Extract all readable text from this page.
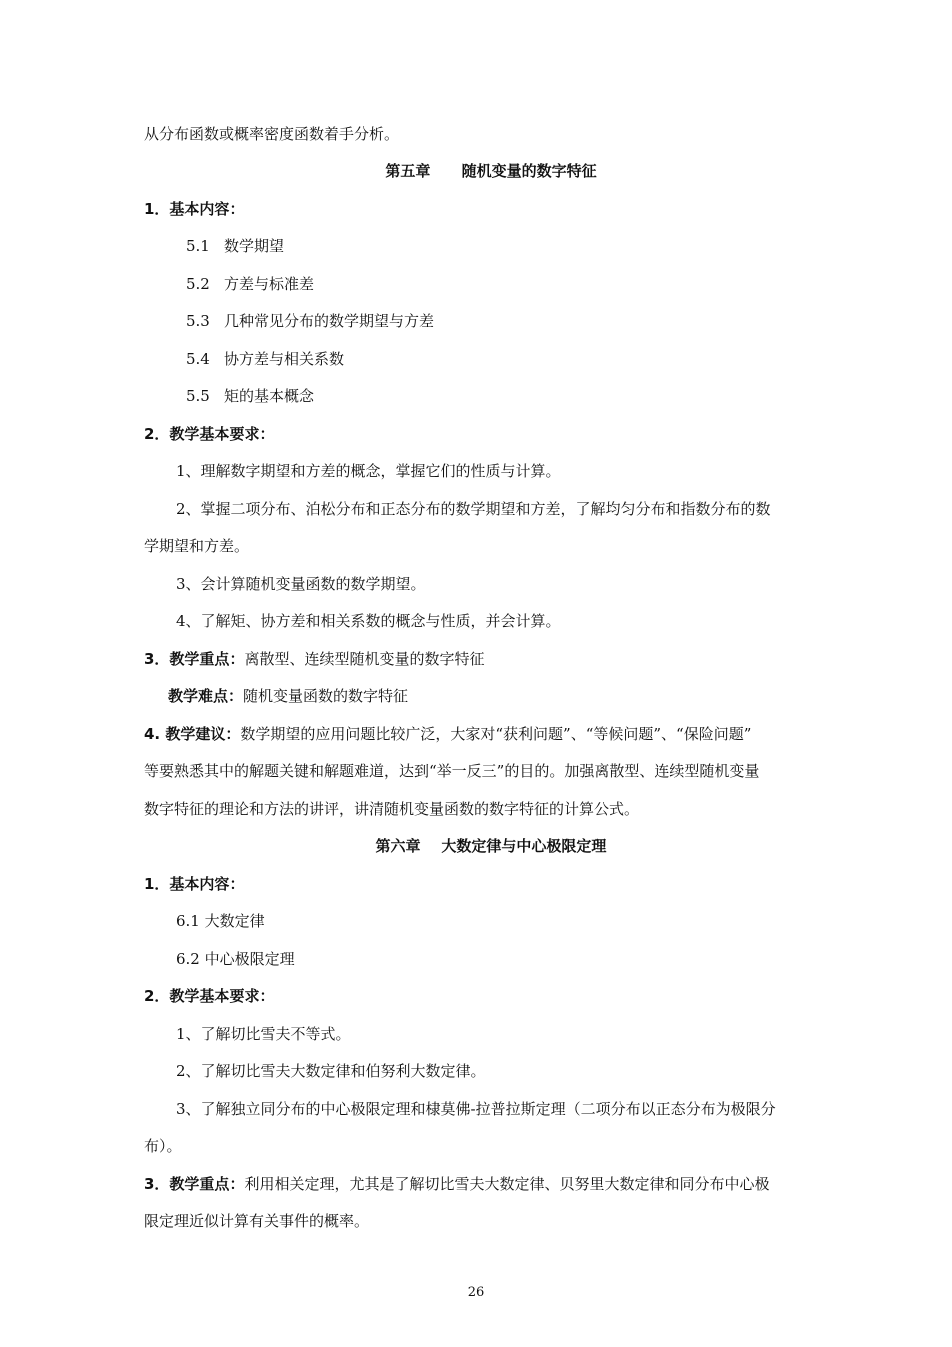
从分布函数或概率密度函数着手分析。
第五章      随机变量的数字特征
1．基本内容：
5.1 数学期望
5.2 方差与标准差
5.3 几种常见分布的数学期望与方差
5.4 协方差与相关系数
5.5 矩的基本概念
2．教学基本要求：
1、理解数字期望和方差的概念，掌握它们的性质与计算。
2、掌握二项分布、泊松分布和正态分布的数学期望和方差，了解均匀分布和指数分布的数
学期望和方差。
3、会计算随机变量函数的数学期望。
4、了解矩、协方差和相关系数的概念与性质，并会计算。
3．教学重点：离散型、连续型随机变量的数字特征
教学难点：随机变量函数的数字特征
4. 教学建议：数学期望的应用问题比较广泛，大家对“获利问题”、“等候问题”、“保险问题”
等要熟悉其中的解题关键和解题难道，达到“举一反三”的目的。加强离散型、连续型随机变量
数字特征的理论和方法的讲评，讲清随机变量函数的数字特征的计算公式。
第六章    大数定律与中心极限定理
1．基本内容：
6.1 大数定律
6.2 中心极限定理
2．教学基本要求：
1、了解切比雪夫不等式。
2、了解切比雪夫大数定律和伯努利大数定律。
3、了解独立同分布的中心极限定理和棣莫佛-拉普拉斯定理（二项分布以正态分布为极限分
布）。
3．教学重点：利用相关定理，尤其是了解切比雪夫大数定律、贝努里大数定律和同分布中心极
限定理近似计算有关事件的概率。
26
